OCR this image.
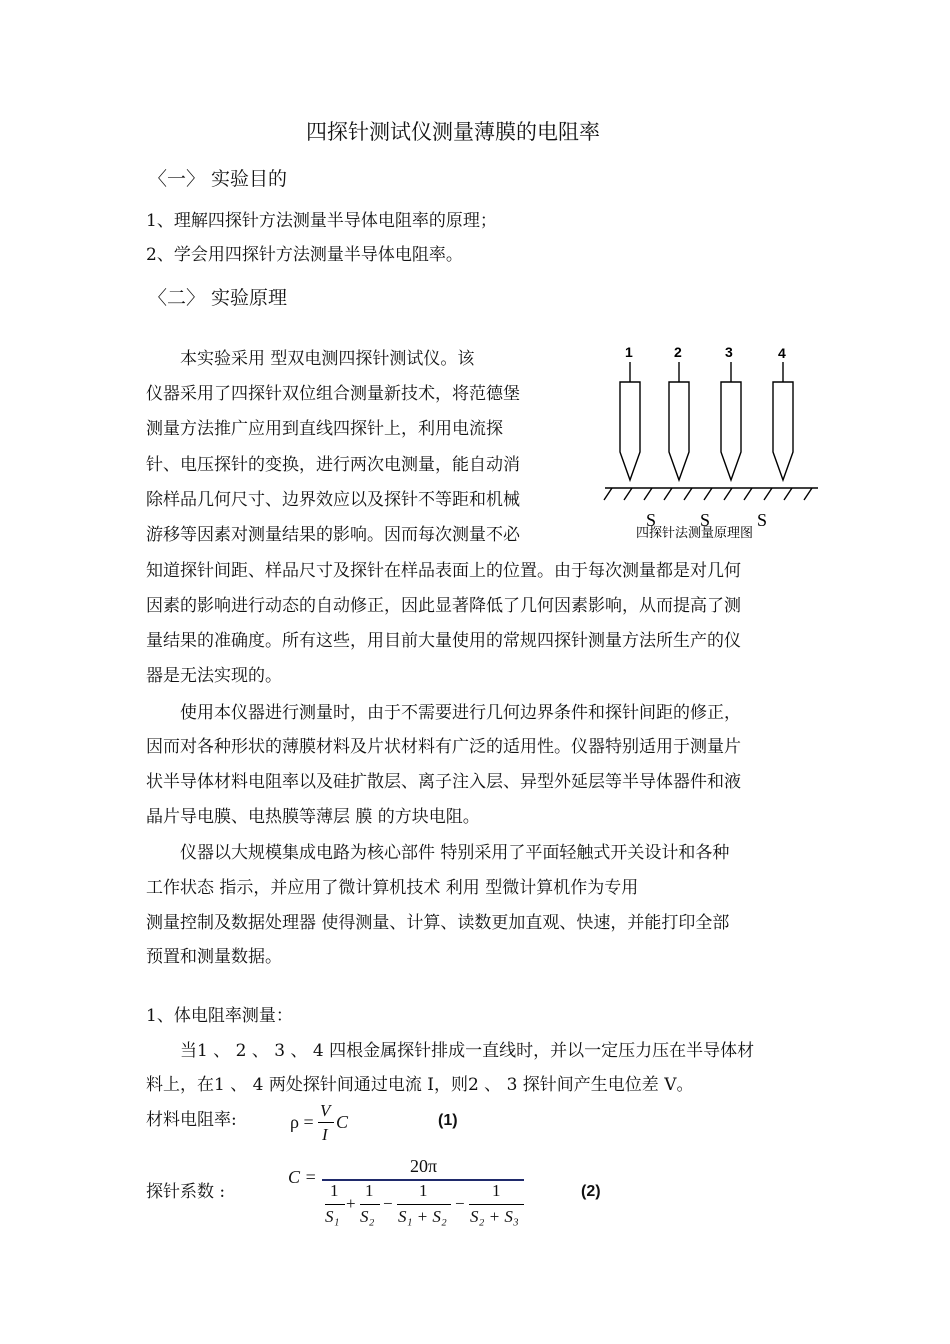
四探针测试仪测量薄膜的电阻率
〈一〉 实验目的
1、理解四探针方法测量半导体电阻率的原理；
2、学会用四探针方法测量半导体电阻率。
〈二〉 实验原理
本实验采用 型双电测四探针测试仪。该
仪器采用了四探针双位组合测量新技术，将范德堡
测量方法推广应用到直线四探针上，利用电流探
针、电压探针的变换，进行两次电测量，能自动消
除样品几何尺寸、边界效应以及探针不等距和机械
游移等因素对测量结果的影响。因而每次测量不必
知道探针间距、样品尺寸及探针在样品表面上的位置。由于每次测量都是对几何
因素的影响进行动态的自动修正，因此显著降低了几何因素影响，从而提高了测
量结果的准确度。所有这些，用目前大量使用的常规四探针测量方法所生产的仪
器是无法实现的。
使用本仪器进行测量时，由于不需要进行几何边界条件和探针间距的修正，
因而对各种形状的薄膜材料及片状材料有广泛的适用性。仪器特别适用于测量片
状半导体材料电阻率以及硅扩散层、离子注入层、异型外延层等半导体器件和液
晶片导电膜、电热膜等薄层 膜 的方块电阻。
仪器以大规模集成电路为核心部件 特别采用了平面轻触式开关设计和各种
工作状态 指示，并应用了微计算机技术 利用 型微计算机作为专用
测量控制及数据处理器 使得测量、计算、读数更加直观、快速，并能打印全部
预置和测量数据。
1	2	3	4
S S	S
四探针法测量原理图
1、体电阻率测量：
当1 、 2 、 3 、 4 四根金属探针排成一直线时，并以一定压力压在半导体材
料上，在1 、 4 两处探针间通过电流 I，则2 、 3 探针间产生电位差 V。
材料电阻率:	ρ =
V
I
C	(1)
探针系数 :
C =
20π
1
S₁
+
1
S₂
−
1
S₁ + S₂
−
1
S₂ + S₃
(2)
